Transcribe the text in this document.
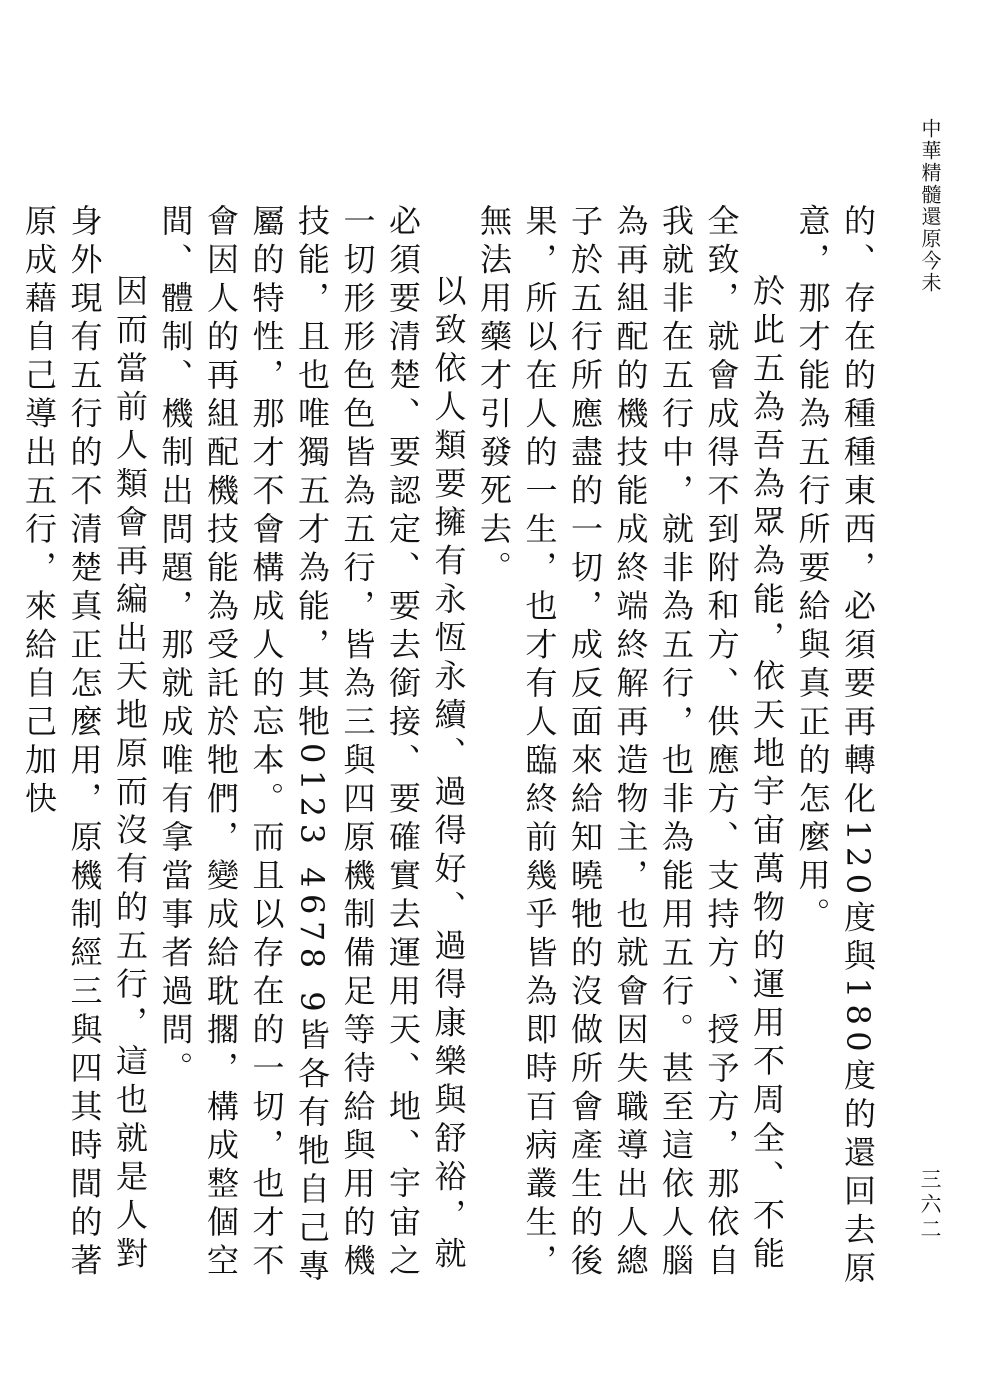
中華精髓還原今未

的、存在的種種東西，必須要再轉化120度與180度的還回去原意，那才能為五行所要給與真正的怎麼用。

於此五為吾為眾為能，依天地宇宙萬物的運用不周全、不能全致，就會成得不到附和方、供應方、支持方、授予方，那依自我就非在五行中，就非為五行，也非為能用五行。甚至這依人腦為再組配的機技能成終端終解再造物主，也就會因失職導出人總子於五行所應盡的一切，成反面來給知曉牠的沒做所會產生的後果，所以在人的一生，也才有人臨終前幾乎皆為即時百病叢生，無法用藥才引發死去。

以致依人類要擁有永恆永續、過得好、過得康樂與舒裕，就必須要清楚、要認定、要去銜接、要確實去運用天、地、宇宙之一切形形色色皆為五行，皆為三與四原機制備足等待給與用的機技能，且也唯獨五才為能，其牠0123 4678 9皆各有牠自己專屬的特性，那才不會構成人的忘本。而且以存在的一切，也才不會因人的再組配機技能為受託於牠們，變成給耽擱，構成整個空間、體制、機制出問題，那就成唯有拿當事者過問。

因而當前人類會再編出天地原而沒有的五行，這也就是人對身外現有五行的不清楚真正怎麼用，原機制經三與四其時間的著原成藉自己導出五行，來給自己加快

三六二
